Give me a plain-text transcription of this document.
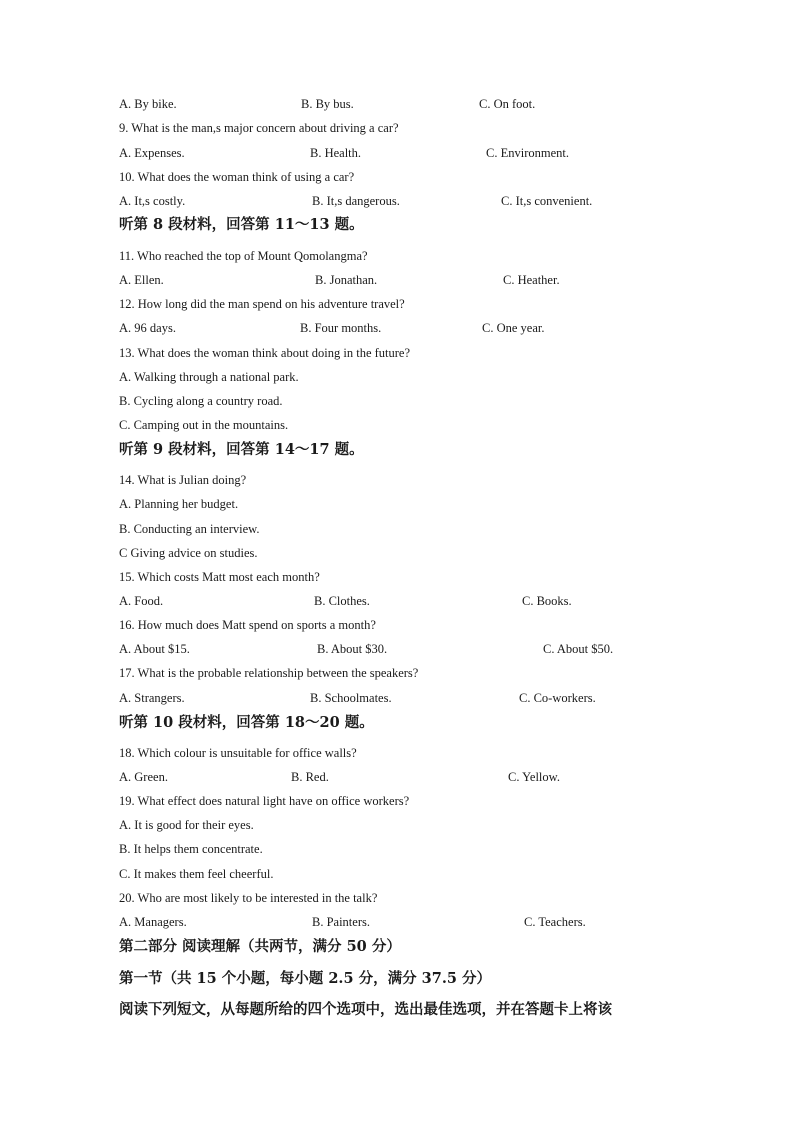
A. By bike.	B. By bus.	C. On foot.
9. What is the man,s major concern about driving a car?
A. Expenses.	B. Health.	C. Environment.
10. What does the woman think of using a car?
A. It,s costly.	B. It,s dangerous.	C. It,s convenient.
听第 8 段材料，回答第 11～13 题。
11. Who reached the top of Mount Qomolangma?
A. Ellen.	B. Jonathan.	C. Heather.
12. How long did the man spend on his adventure travel?
A. 96 days.	B. Four months.	C. One year.
13. What does the woman think about doing in the future?
A. Walking through a national park.
B. Cycling along a country road.
C. Camping out in the mountains.
听第 9 段材料，回答第 14～17 题。
14. What is Julian doing?
A. Planning her budget.
B. Conducting an interview.
C Giving advice on studies.
15. Which costs Matt most each month?
A. Food.	B. Clothes.	C. Books.
16. How much does Matt spend on sports a month?
A. About $15.	B. About $30.	C. About $50.
17. What is the probable relationship between the speakers?
A. Strangers.	B. Schoolmates.	C. Co-workers.
听第 10 段材料，回答第 18～20 题。
18. Which colour is unsuitable for office walls?
A. Green.	B. Red.	C. Yellow.
19. What effect does natural light have on office workers?
A. It is good for their eyes.
B. It helps them concentrate.
C. It makes them feel cheerful.
20. Who are most likely to be interested in the talk?
A. Managers.	B. Painters.	C. Teachers.
第二部分 阅读理解（共两节，满分 50 分）
第一节（共 15 个小题，每小题 2.5 分，满分 37.5 分）
阅读下列短文，从每题所给的四个选项中，选出最佳选项，并在答题卡上将该
